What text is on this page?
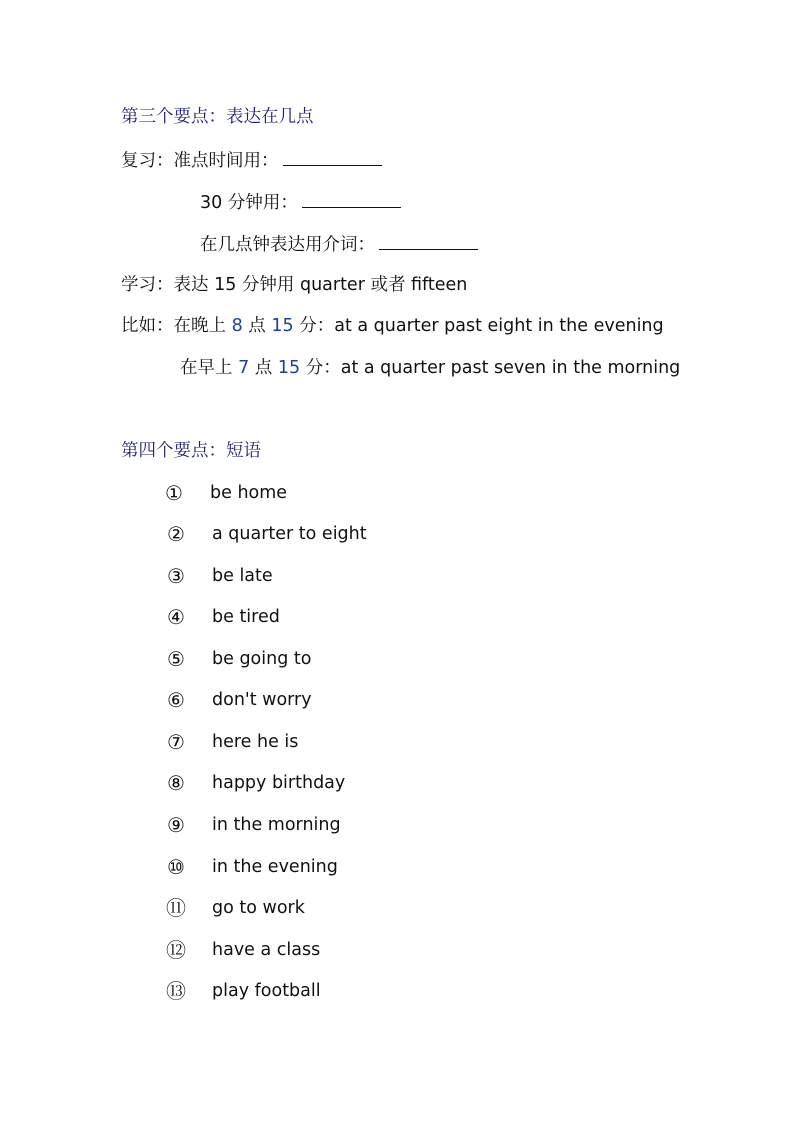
第三个要点：表达在几点
复习：准点时间用：
30 分钟用：
在几点钟表达用介词：
学习：表达 15 分钟用 quarter 或者 fifteen
比如：在晚上 8 点 15 分：at a quarter past eight in the evening
在早上 7 点 15 分：at a quarter past seven in the morning
第四个要点：短语
① be home
② a quarter to eight
③ be late
④ be tired
⑤ be going to
⑥ don't worry
⑦ here he is
⑧ happy birthday
⑨ in the morning
⑩ in the evening
⑪ go to work
⑫ have a class
⑬ play football
